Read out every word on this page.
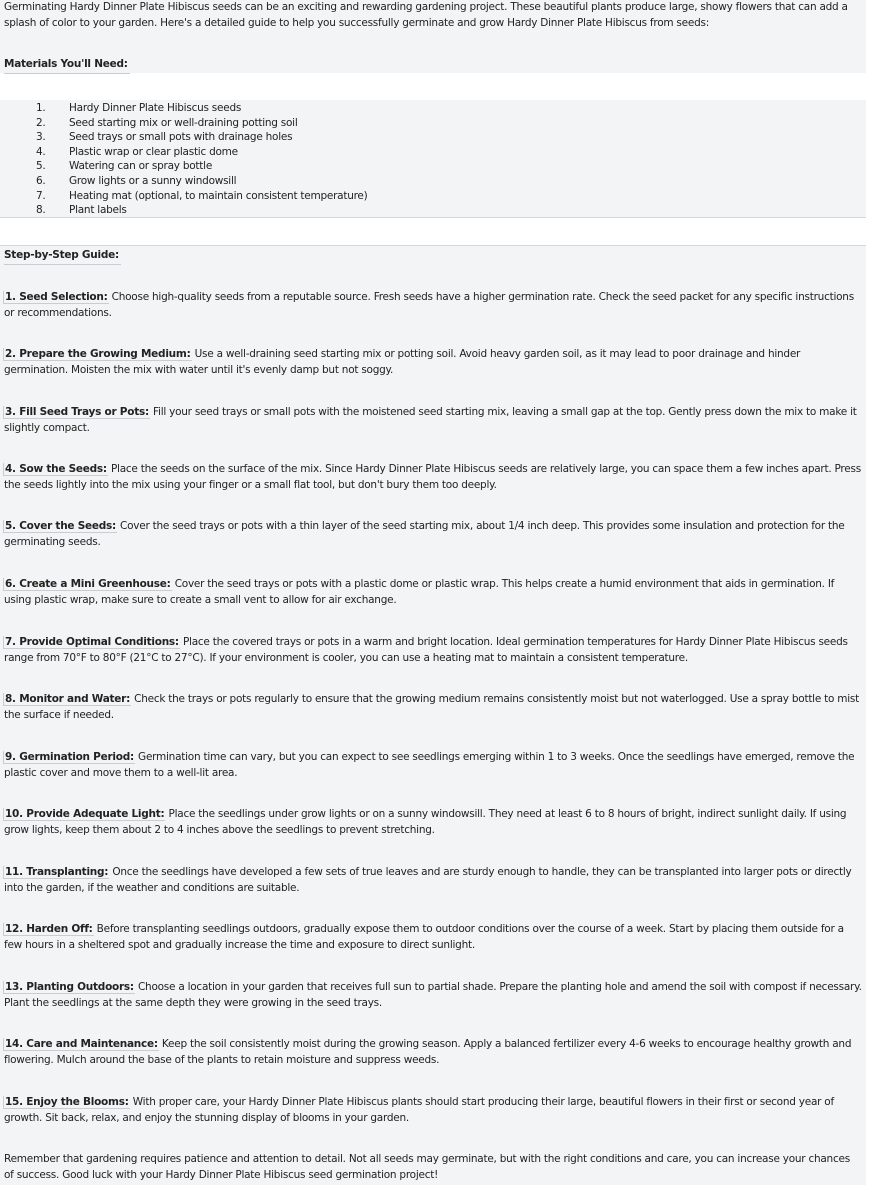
Germinating Hardy Dinner Plate Hibiscus seeds can be an exciting and rewarding gardening project. These beautiful plants produce large, showy flowers that can add a splash of color to your garden. Here's a detailed guide to help you successfully germinate and grow Hardy Dinner Plate Hibiscus from seeds:

Materials You'll Need:

1.	Hardy Dinner Plate Hibiscus seeds
2.	Seed starting mix or well-draining potting soil
3.	Seed trays or small pots with drainage holes
4.	Plastic wrap or clear plastic dome
5.	Watering can or spray bottle
6.	Grow lights or a sunny windowsill
7.	Heating mat (optional, to maintain consistent temperature)
8.	Plant labels

Step-by-Step Guide:

1. Seed Selection: Choose high-quality seeds from a reputable source. Fresh seeds have a higher germination rate. Check the seed packet for any specific instructions or recommendations.

2. Prepare the Growing Medium: Use a well-draining seed starting mix or potting soil. Avoid heavy garden soil, as it may lead to poor drainage and hinder germination. Moisten the mix with water until it's evenly damp but not soggy.

3. Fill Seed Trays or Pots: Fill your seed trays or small pots with the moistened seed starting mix, leaving a small gap at the top. Gently press down the mix to make it slightly compact.

4. Sow the Seeds: Place the seeds on the surface of the mix. Since Hardy Dinner Plate Hibiscus seeds are relatively large, you can space them a few inches apart. Press the seeds lightly into the mix using your finger or a small flat tool, but don't bury them too deeply.

5. Cover the Seeds: Cover the seed trays or pots with a thin layer of the seed starting mix, about 1/4 inch deep. This provides some insulation and protection for the germinating seeds.

6. Create a Mini Greenhouse: Cover the seed trays or pots with a plastic dome or plastic wrap. This helps create a humid environment that aids in germination. If using plastic wrap, make sure to create a small vent to allow for air exchange.

7. Provide Optimal Conditions: Place the covered trays or pots in a warm and bright location. Ideal germination temperatures for Hardy Dinner Plate Hibiscus seeds range from 70°F to 80°F (21°C to 27°C). If your environment is cooler, you can use a heating mat to maintain a consistent temperature.

8. Monitor and Water: Check the trays or pots regularly to ensure that the growing medium remains consistently moist but not waterlogged. Use a spray bottle to mist the surface if needed.

9. Germination Period: Germination time can vary, but you can expect to see seedlings emerging within 1 to 3 weeks. Once the seedlings have emerged, remove the plastic cover and move them to a well-lit area.

10. Provide Adequate Light: Place the seedlings under grow lights or on a sunny windowsill. They need at least 6 to 8 hours of bright, indirect sunlight daily. If using grow lights, keep them about 2 to 4 inches above the seedlings to prevent stretching.

11. Transplanting: Once the seedlings have developed a few sets of true leaves and are sturdy enough to handle, they can be transplanted into larger pots or directly into the garden, if the weather and conditions are suitable.

12. Harden Off: Before transplanting seedlings outdoors, gradually expose them to outdoor conditions over the course of a week. Start by placing them outside for a few hours in a sheltered spot and gradually increase the time and exposure to direct sunlight.

13. Planting Outdoors: Choose a location in your garden that receives full sun to partial shade. Prepare the planting hole and amend the soil with compost if necessary. Plant the seedlings at the same depth they were growing in the seed trays.

14. Care and Maintenance: Keep the soil consistently moist during the growing season. Apply a balanced fertilizer every 4-6 weeks to encourage healthy growth and flowering. Mulch around the base of the plants to retain moisture and suppress weeds.

15. Enjoy the Blooms: With proper care, your Hardy Dinner Plate Hibiscus plants should start producing their large, beautiful flowers in their first or second year of growth. Sit back, relax, and enjoy the stunning display of blooms in your garden.

Remember that gardening requires patience and attention to detail. Not all seeds may germinate, but with the right conditions and care, you can increase your chances of success. Good luck with your Hardy Dinner Plate Hibiscus seed germination project!
